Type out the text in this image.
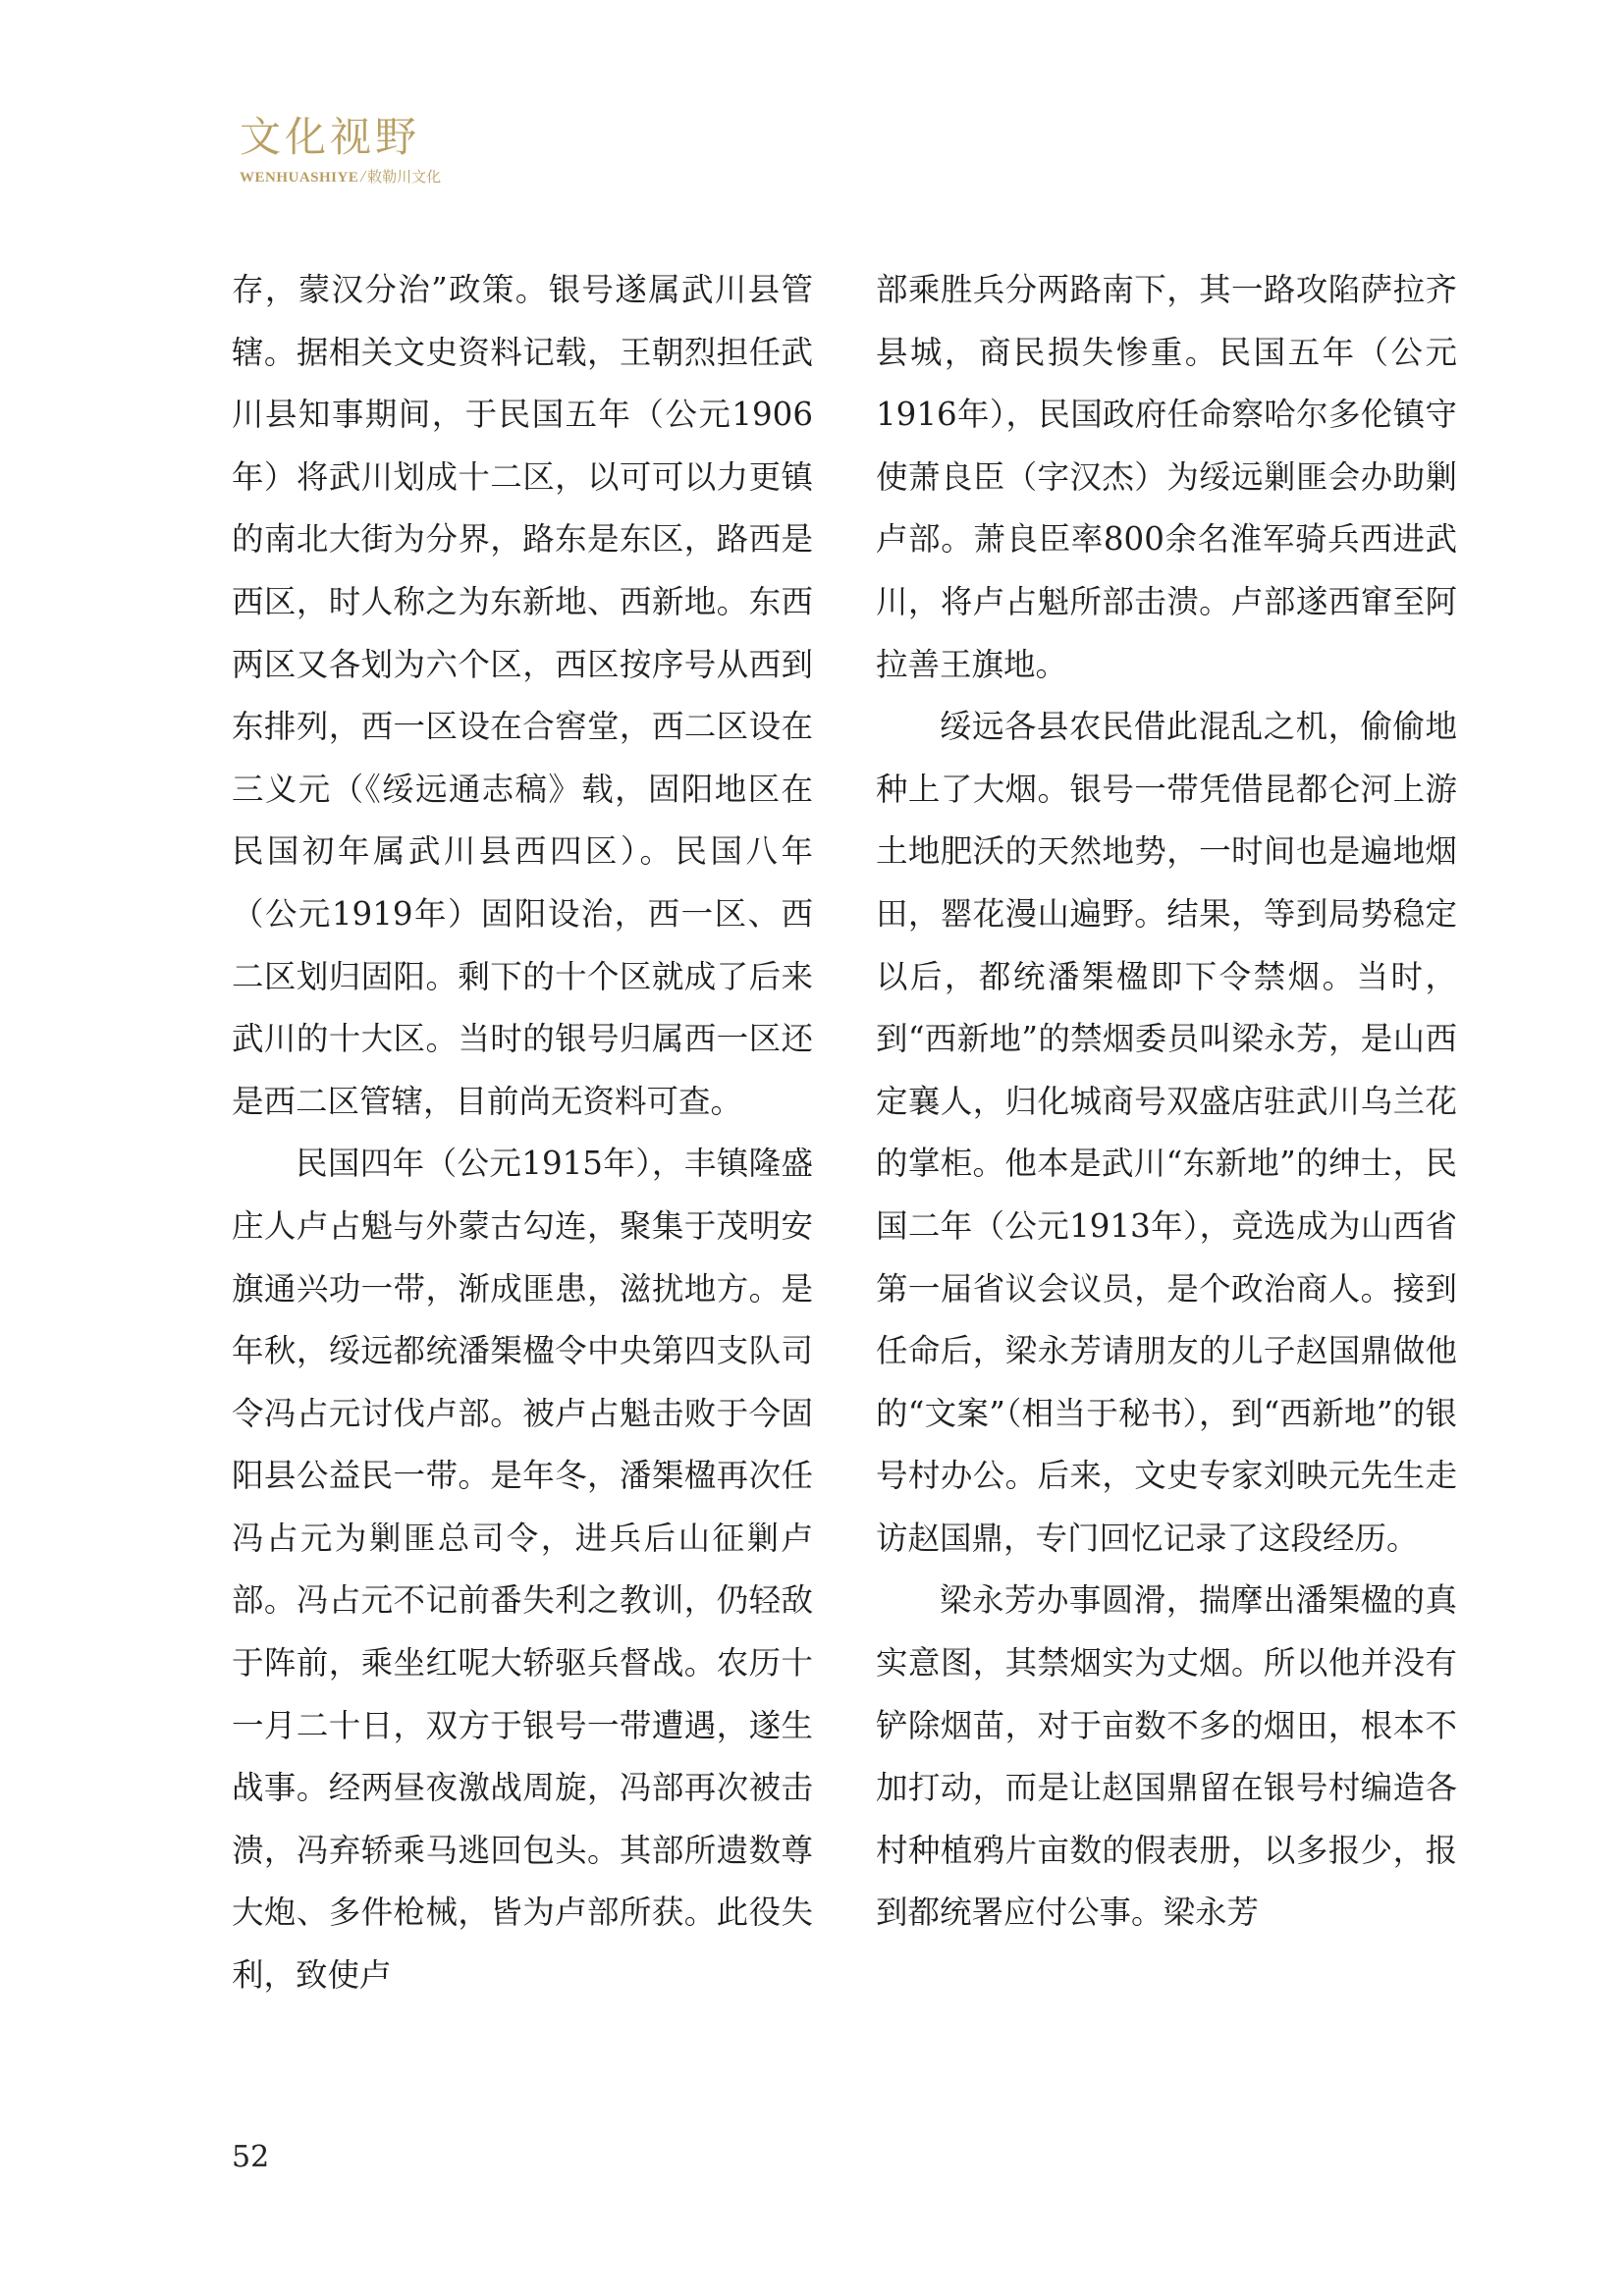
文化视野
WENHUASHIYE / 敕勒川文化

存，蒙汉分治”政策。银号遂属武川县管辖。据相关文史资料记载，王朝烈担任武川县知事期间，于民国五年（公元1906年）将武川划成十二区，以可可以力更镇的南北大街为分界，路东是东区，路西是西区，时人称之为东新地、西新地。东西两区又各划为六个区，西区按序号从西到东排列，西一区设在合窖堂，西二区设在三义元（《绥远通志稿》载，固阳地区在民国初年属武川县西四区）。民国八年（公元1919年）固阳设治，西一区、西二区划归固阳。剩下的十个区就成了后来武川的十大区。当时的银号归属西一区还是西二区管辖，目前尚无资料可查。

民国四年（公元1915年），丰镇隆盛庄人卢占魁与外蒙古勾连，聚集于茂明安旗通兴功一带，渐成匪患，滋扰地方。是年秋，绥远都统潘榘楹令中央第四支队司令冯占元讨伐卢部。被卢占魁击败于今固阳县公益民一带。是年冬，潘榘楹再次任冯占元为剿匪总司令，进兵后山征剿卢部。冯占元不记前番失利之教训，仍轻敌于阵前，乘坐红呢大轿驱兵督战。农历十一月二十日，双方于银号一带遭遇，遂生战事。经两昼夜激战周旋，冯部再次被击溃，冯弃轿乘马逃回包头。其部所遗数尊大炮、多件枪械，皆为卢部所获。此役失利，致使卢

部乘胜兵分两路南下，其一路攻陷萨拉齐县城，商民损失惨重。民国五年（公元1916年），民国政府任命察哈尔多伦镇守使萧良臣（字汉杰）为绥远剿匪会办助剿卢部。萧良臣率800余名淮军骑兵西进武川，将卢占魁所部击溃。卢部遂西窜至阿拉善王旗地。

绥远各县农民借此混乱之机，偷偷地种上了大烟。银号一带凭借昆都仑河上游土地肥沃的天然地势，一时间也是遍地烟田，罂花漫山遍野。结果，等到局势稳定以后，都统潘榘楹即下令禁烟。当时，到“西新地”的禁烟委员叫梁永芳，是山西定襄人，归化城商号双盛店驻武川乌兰花的掌柜。他本是武川“东新地”的绅士，民国二年（公元1913年），竞选成为山西省第一届省议会议员，是个政治商人。接到任命后，梁永芳请朋友的儿子赵国鼎做他的“文案”（相当于秘书），到“西新地”的银号村办公。后来，文史专家刘映元先生走访赵国鼎，专门回忆记录了这段经历。

梁永芳办事圆滑，揣摩出潘榘楹的真实意图，其禁烟实为丈烟。所以他并没有铲除烟苗，对于亩数不多的烟田，根本不加打动，而是让赵国鼎留在银号村编造各村种植鸦片亩数的假表册，以多报少，报到都统署应付公事。梁永芳

52
